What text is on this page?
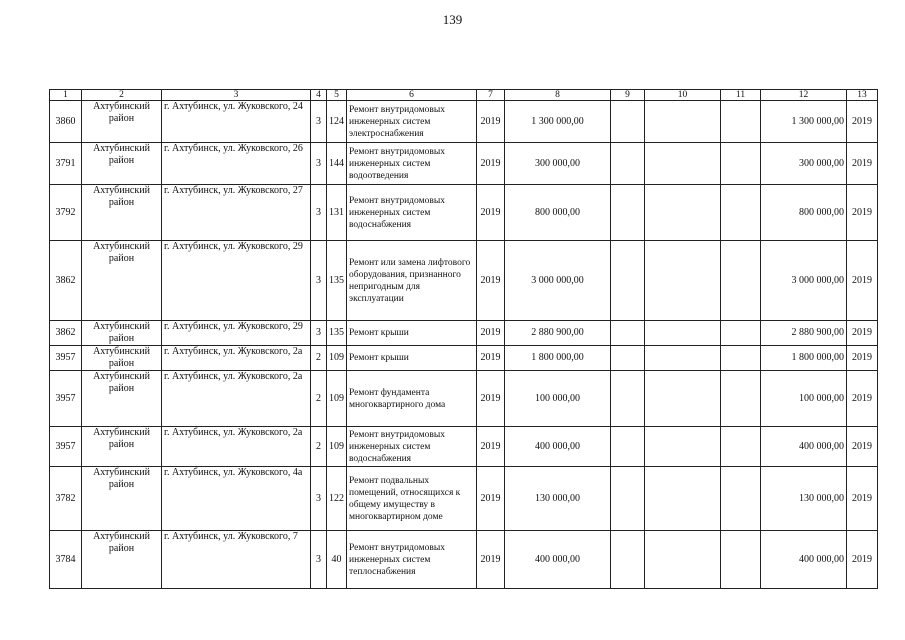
139
1	2	3	4	5	6	7	8	9	10	11	12	13
3860	Ахтубинский район	г. Ахтубинск, ул. Жуковского, 24	3	124	Ремонт внутридомовых инженерных систем электроснабжения	2019	1 300 000,00				1 300 000,00	2019
3791	Ахтубинский район	г. Ахтубинск, ул. Жуковского, 26	3	144	Ремонт внутридомовых инженерных систем водоотведения	2019	300 000,00				300 000,00	2019
3792	Ахтубинский район	г. Ахтубинск, ул. Жуковского, 27	3	131	Ремонт внутридомовых инженерных систем водоснабжения	2019	800 000,00				800 000,00	2019
3862	Ахтубинский район	г. Ахтубинск, ул. Жуковского, 29	3	135	Ремонт или замена лифтового оборудования, признанного непригодным для эксплуатации	2019	3 000 000,00				3 000 000,00	2019
3862	Ахтубинский район	г. Ахтубинск, ул. Жуковского, 29	3	135	Ремонт крыши	2019	2 880 900,00				2 880 900,00	2019
3957	Ахтубинский район	г. Ахтубинск, ул. Жуковского, 2а	2	109	Ремонт крыши	2019	1 800 000,00				1 800 000,00	2019
3957	Ахтубинский район	г. Ахтубинск, ул. Жуковского, 2а	2	109	Ремонт фундамента многоквартирного дома	2019	100 000,00				100 000,00	2019
3957	Ахтубинский район	г. Ахтубинск, ул. Жуковского, 2а	2	109	Ремонт внутридомовых инженерных систем водоснабжения	2019	400 000,00				400 000,00	2019
3782	Ахтубинский район	г. Ахтубинск, ул. Жуковского, 4а	3	122	Ремонт подвальных помещений, относящихся к общему имуществу в многоквартирном доме	2019	130 000,00				130 000,00	2019
3784	Ахтубинский район	г. Ахтубинск, ул. Жуковского, 7	3	40	Ремонт внутридомовых инженерных систем теплоснабжения	2019	400 000,00				400 000,00	2019
